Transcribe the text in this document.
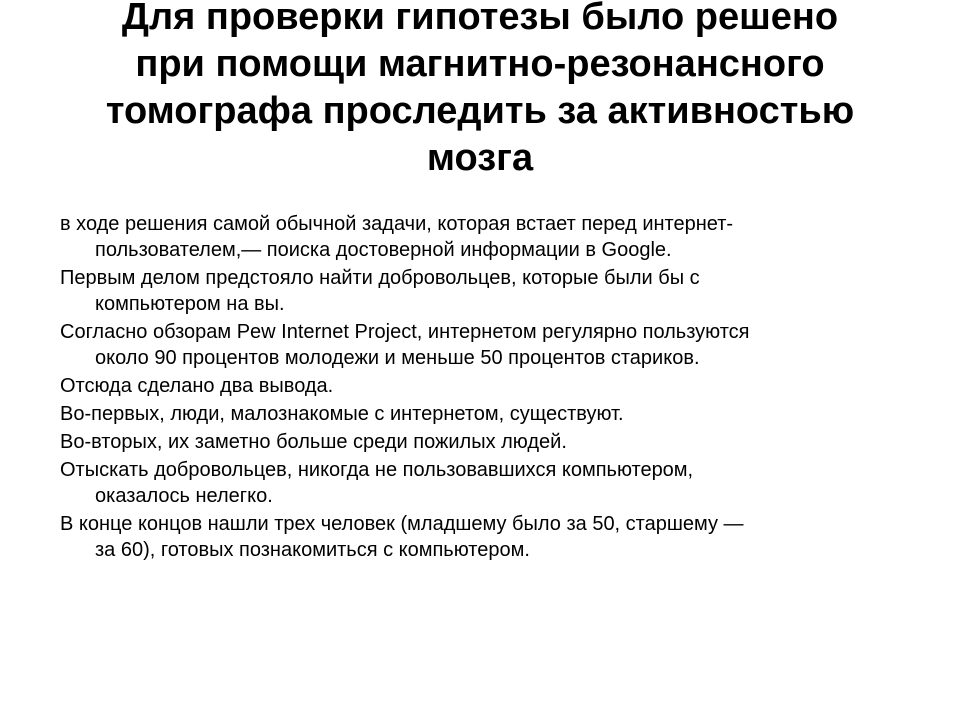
Для проверки гипотезы было решено
при помощи магнитно-резонансного
томографа проследить за активностью
мозга
в ходе решения самой обычной задачи, которая встает перед интернет-
пользователем,— поиска достоверной информации в Google.
Первым делом предстояло найти добровольцев, которые были бы с
компьютером на вы.
Согласно обзорам Pew Internet Project, интернетом регулярно пользуются
около 90 процентов молодежи и меньше 50 процентов стариков.
Отсюда сделано два вывода.
Во-первых, люди, малознакомые с интернетом, существуют.
Во-вторых, их заметно больше среди пожилых людей.
Отыскать добровольцев, никогда не пользовавшихся компьютером,
оказалось нелегко.
В конце концов нашли трех человек (младшему было за 50, старшему —
за 60), готовых познакомиться с компьютером.
